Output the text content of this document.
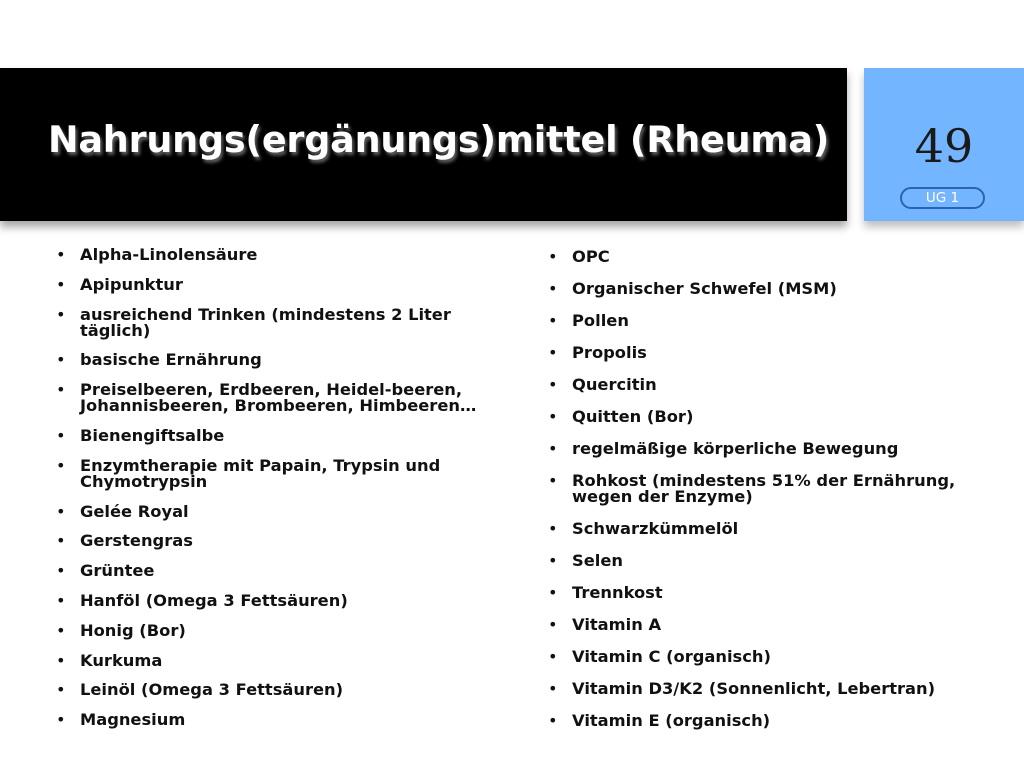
Nahrungs(ergänungs)mittel (Rheuma)	49
UG 1
• Alpha-Linolensäure
• Apipunktur
• ausreichend Trinken (mindestens 2 Liter täglich)
• basische Ernährung
• Preiselbeeren, Erdbeeren, Heidel-beeren, Johannisbeeren, Brombeeren, Himbeeren…
• Bienengiftsalbe
• Enzymtherapie mit Papain, Trypsin und Chymotrypsin
• Gelée Royal
• Gerstengras
• Grüntee
• Hanföl (Omega 3 Fettsäuren)
• Honig (Bor)
• Kurkuma
• Leinöl (Omega 3 Fettsäuren)
• Magnesium
• OPC
• Organischer Schwefel (MSM)
• Pollen
• Propolis
• Quercitin
• Quitten (Bor)
• regelmäßige körperliche Bewegung
• Rohkost (mindestens 51% der Ernährung, wegen der Enzyme)
• Schwarzkümmelöl
• Selen
• Trennkost
• Vitamin A
• Vitamin C (organisch)
• Vitamin D3/K2 (Sonnenlicht, Lebertran)
• Vitamin E (organisch)
